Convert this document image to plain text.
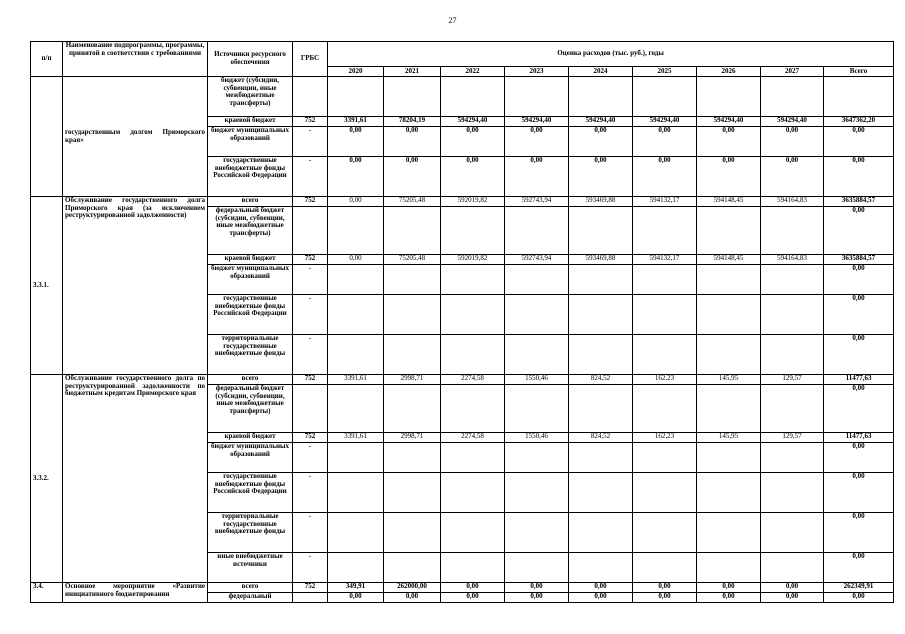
27
п/п	Наименование подпрограммы, программы, принятой в соответствии с требованиями	Источники ресурсного обеспечения	ГРБС	Оценка расходов (тыс. руб.), годы								
				2020	2021	2022	2023	2024	2025	2026	2027	Всего
	государственным долгом Приморского края»	бюджет (субсидии, субвенции, иные межбюджетные трансферты)										
		краевой бюджет	752	3391,61	78204,19	594294,40	594294,40	594294,40	594294,40	594294,40	594294,40	3647362,20
		бюджет муниципальных образований	-	0,00	0,00	0,00	0,00	0,00	0,00	0,00	0,00	0,00
		государственные внебюджетные фонды Российской Федерации	-	0,00	0,00	0,00	0,00	0,00	0,00	0,00	0,00	0,00
3.3.1.	Обслуживание государственного долга Приморского края (за исключением реструктурированной задолженности)	всего	752	0,00	75205,48	592019,82	592743,94	593469,88	594132,17	594148,45	594164,83	3635884,57
		федеральный бюджет (субсидии, субвенции, иные межбюджетные трансферты)										0,00
		краевой бюджет	752	0,00	75205,48	592019,82	592743,94	593469,88	594132,17	594148,45	594164,83	3635884,57
		бюджет муниципальных образований	-									0,00
		государственные внебюджетные фонды Российской Федерации	-									0,00
		территориальные государственные внебюджетные фонды	-									0,00
3.3.2.	Обслуживание государственного долга по реструктурированной задолженности по бюджетным кредитам Приморского края	всего	752	3391,61	2998,71	2274,58	1550,46	824,52	162,23	145,95	129,57	11477,63
		федеральный бюджет (субсидии, субвенции, иные межбюджетные трансферты)										0,00
		краевой бюджет	752	3391,61	2998,71	2274,58	1550,46	824,52	162,23	145,95	129,57	11477,63
		бюджет муниципальных образований	-									0,00
		государственные внебюджетные фонды Российской Федерации	-									0,00
		территориальные государственные внебюджетные фонды	-									0,00
		иные внебюджетные источники	-									0,00
3.4.	Основное мероприятие «Развитие инициативного бюджетирования	всего	752	349,91	262000,00	0,00	0,00	0,00	0,00	0,00	0,00	262349,91
		федеральный		0,00	0,00	0,00	0,00	0,00	0,00	0,00	0,00	0,00
